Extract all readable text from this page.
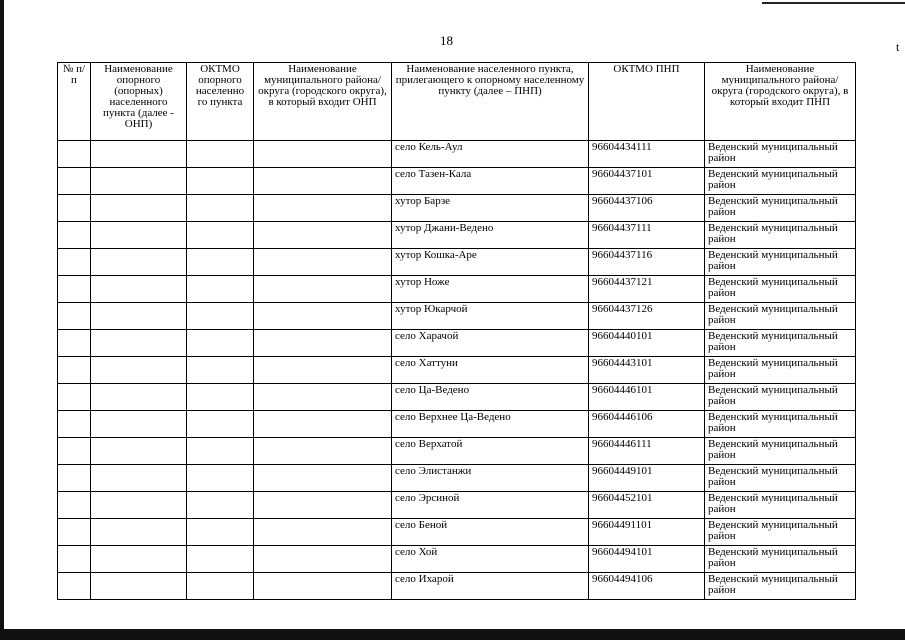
t
18
№ п/п	Наименование опорного (опорных) населенного пункта (далее - ОНП)	ОКТМО опорного населенно го пункта	Наименование муниципального района/округа (городского округа), в который входит ОНП	Наименование населенного пункта, прилегающего к опорному населенному пункту (далее – ПНП)	ОКТМО ПНП	Наименование муниципального района/округа (городского округа), в который входит ПНП
				село Кель-Аул	96604434111	Веденский муниципальный район
				село Тазен-Кала	96604437101	Веденский муниципальный район
				хутор Барзе	96604437106	Веденский муниципальный район
				хутор Джани-Ведено	96604437111	Веденский муниципальный район
				хутор Кошка-Аре	96604437116	Веденский муниципальный район
				хутор Ноже	96604437121	Веденский муниципальный район
				хутор Юкарчой	96604437126	Веденский муниципальный район
				село Харачой	96604440101	Веденский муниципальный район
				село Хаттуни	96604443101	Веденский муниципальный район
				село Ца-Ведено	96604446101	Веденский муниципальный район
				село Верхнее Ца-Ведено	96604446106	Веденский муниципальный район
				село Верхатой	96604446111	Веденский муниципальный район
				село Элистанжи	96604449101	Веденский муниципальный район
				село Эрсиной	96604452101	Веденский муниципальный район
				село Беной	96604491101	Веденский муниципальный район
				село Хой	96604494101	Веденский муниципальный район
				село Ихарой	96604494106	Веденский муниципальный район
